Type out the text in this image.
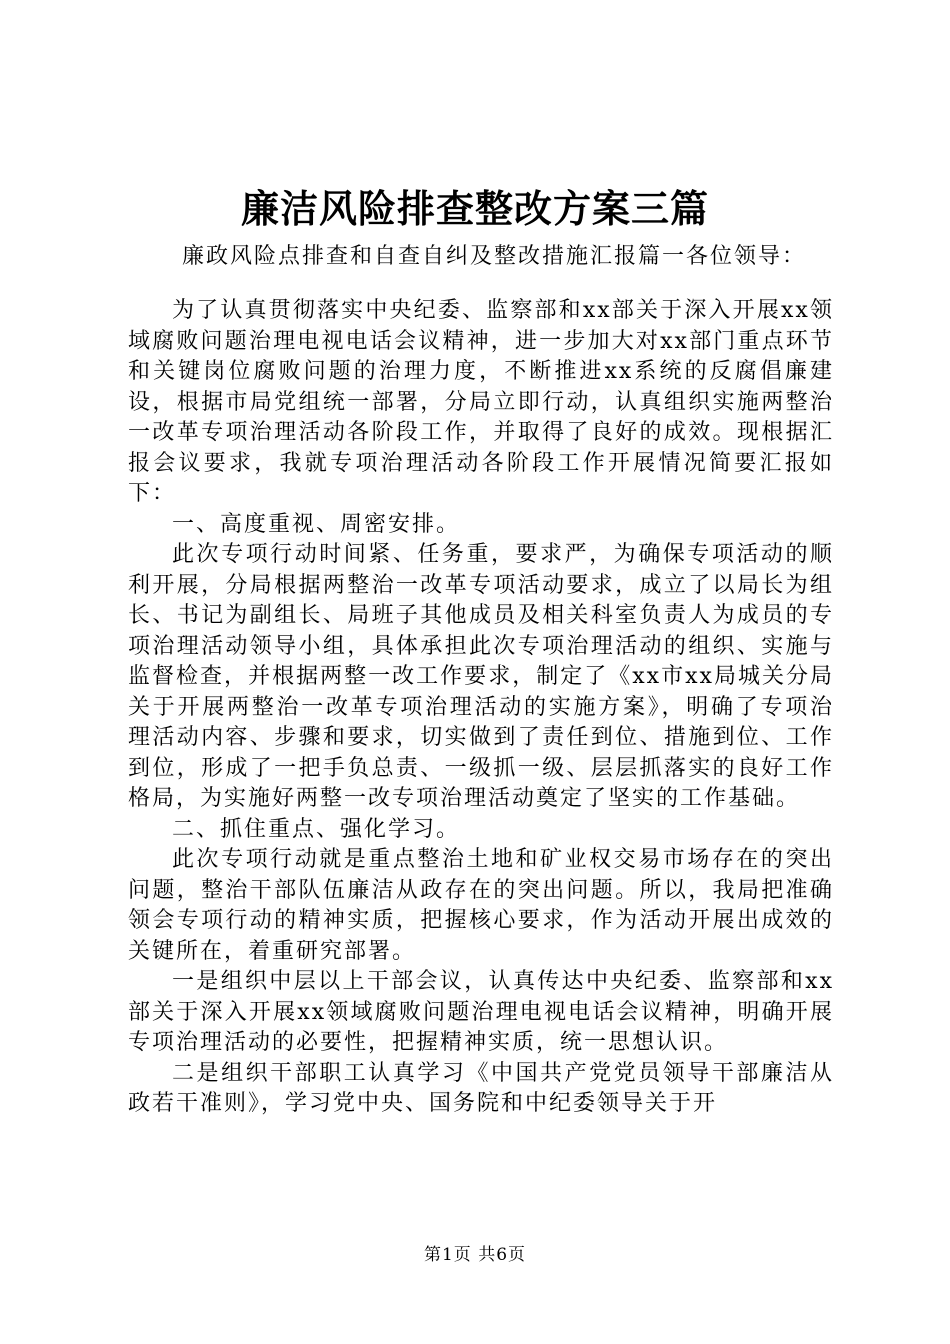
廉洁风险排查整改方案三篇
廉政风险点排查和自查自纠及整改措施汇报篇一各位领导：

为了认真贯彻落实中央纪委、监察部和xx部关于深入开展xx领域腐败问题治理电视电话会议精神，进一步加大对xx部门重点环节和关键岗位腐败问题的治理力度，不断推进xx系统的反腐倡廉建设，根据市局党组统一部署，分局立即行动，认真组织实施两整治一改革专项治理活动各阶段工作，并取得了良好的成效。现根据汇报会议要求，我就专项治理活动各阶段工作开展情况简要汇报如下：

一、高度重视、周密安排。

此次专项行动时间紧、任务重，要求严，为确保专项活动的顺利开展，分局根据两整治一改革专项活动要求，成立了以局长为组长、书记为副组长、局班子其他成员及相关科室负责人为成员的专项治理活动领导小组，具体承担此次专项治理活动的组织、实施与监督检查，并根据两整一改工作要求，制定了《xx市xx局城关分局关于开展两整治一改革专项治理活动的实施方案》，明确了专项治理活动内容、步骤和要求，切实做到了责任到位、措施到位、工作到位，形成了一把手负总责、一级抓一级、层层抓落实的良好工作格局，为实施好两整一改专项治理活动奠定了坚实的工作基础。

二、抓住重点、强化学习。

此次专项行动就是重点整治土地和矿业权交易市场存在的突出问题，整治干部队伍廉洁从政存在的突出问题。所以，我局把准确领会专项行动的精神实质，把握核心要求，作为活动开展出成效的关键所在，着重研究部署。

一是组织中层以上干部会议，认真传达中央纪委、监察部和xx部关于深入开展xx领域腐败问题治理电视电话会议精神，明确开展专项治理活动的必要性，把握精神实质，统一思想认识。

二是组织干部职工认真学习《中国共产党党员领导干部廉洁从政若干准则》，学习党中央、国务院和中纪委领导关于开

第1页 共6页
